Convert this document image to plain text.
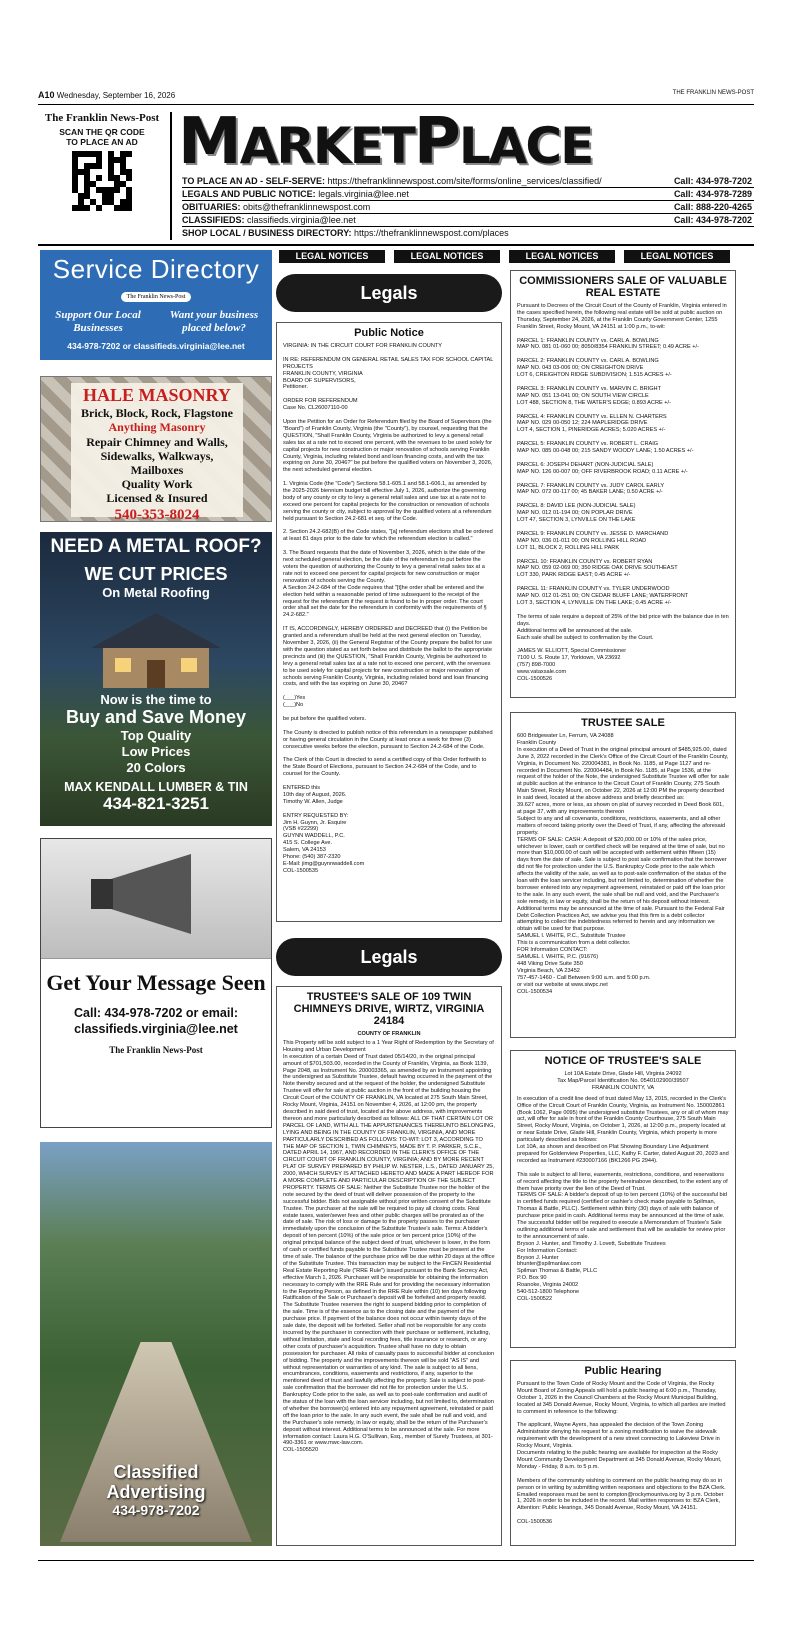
A10 Wednesday, September 16, 2026	THE FRANKLIN NEWS-POST
The Franklin News-Post
SCAN THE QR CODE
TO PLACE AN AD MARKETPLACE
TO PLACE AN AD - SELF-SERVE: https://thefranklinnewspost.com/site/forms/online_services/classified/	Call: 434-978-7202
LEGALS AND PUBLIC NOTICE: legals.virginia@lee.net	Call: 434-978-7289
OBITUARIES: obits@thefranklinnewspost.com	Call: 888-220-4265
CLASSIFIEDS: classifieds.virginia@lee.net	Call: 434-978-7202
SHOP LOCAL / BUSINESS DIRECTORY: https://thefranklinnewspost.com/places
Service Directory
The Franklin News-Post
Support Our Local Businesses
Want your business placed below?
434-978-7202 or classifieds.virginia@lee.net
HALE MASONRY
Brick, Block, Rock, Flagstone
Anything Masonry
Repair Chimney and Walls,
Sidewalks, Walkways,
Mailboxes
Quality Work
Licensed & Insured
540-353-8024
NEED A METAL ROOF?
WE CUT PRICES
On Metal Roofing
Now is the time to
Buy and Save Money
Top Quality
Low Prices
20 Colors
MAX KENDALL LUMBER & TIN
434-821-3251
Get Your Message Seen
Call: 434-978-7202 or email:
classifieds.virginia@lee.net
The Franklin News-Post
Classified
Advertising
434-978-7202
LEGAL NOTICES	LEGAL NOTICES	LEGAL NOTICES	LEGAL NOTICES
Legals
Public Notice

VIRGINIA: IN THE CIRCUIT COURT FOR FRANKLIN COUNTY

IN RE: REFERENDUM ON GENERAL RETAIL SALES TAX FOR SCHOOL CAPITAL PROJECTS
FRANKLIN COUNTY, VIRGINIA
BOARD OF SUPERVISORS,
Petitioner.

ORDER FOR REFERENDUM
Case No. CL26007110-00

Upon the Petition for an Order for Referendum filed by the Board of Supervisors (the "Board") of Franklin County, Virginia (the "County"), by counsel, requesting that the QUESTION, "Shall Franklin County, Virginia be authorized to levy a general retail sales tax at a rate not to exceed one percent, with the revenues to be used solely for capital projects for new construction or major renovation of schools serving Franklin County, Virginia, including related bond and loan financing costs, and with the tax expiring on June 30, 2046?" be put before the qualified voters on November 3, 2026, the next scheduled general election.

1. Virginia Code (the "Code") Sections 58.1-605.1 and 58.1-606.1, as amended by the 2025-2026 biennium budget bill effective July 1, 2026, authorize the governing body of any county or city to levy a general retail sales and use tax at a rate not to exceed one percent for capital projects for the construction or renovation of schools serving the county or city, subject to approval by the qualified voters at a referendum held pursuant to Section 24.2-681 et seq. of the Code.

2. Section 24.2-682(B) of the Code states, "[a] referendum elections shall be ordered at least 81 days prior to the date for which the referendum election is called."

3. The Board requests that the date of November 3, 2026, which is the date of the next scheduled general election, be the date of the referendum to put before the voters the question of authorizing the County to levy a general retail sales tax at a rate not to exceed one percent for capital projects for new construction or major renovation of schools serving the County.
A Section 24.2-684 of the Code requires that "[t]he order shall be entered and the election held within a reasonable period of time subsequent to the receipt of the request for the referendum if the request is found to be in proper order. The court order shall set the date for the referendum in conformity with the requirements of § 24.2-682."

IT IS, ACCORDINGLY, HEREBY ORDERED and DECREED that (i) the Petition be granted and a referendum shall be held at the next general election on Tuesday, November 3, 2026, (ii) the General Registrar of the County prepare the ballot for use with the question stated as set forth below and distribute the ballot to the appropriate precincts and (iii) the QUESTION, "Shall Franklin County, Virginia be authorized to levy a general retail sales tax at a rate not to exceed one percent, with the revenues to be used solely for capital projects for new construction or major renovation of schools serving Franklin County, Virginia, including related bond and loan financing costs, and with the tax expiring on June 30, 2046?

(___)Yes
(___)No

be put before the qualified voters.

The County is directed to publish notice of this referendum in a newspaper published or having general circulation in the County at least once a week for three (3) consecutive weeks before the election, pursuant to Section 24.2-684 of the Code.

The Clerk of this Court is directed to send a certified copy of this Order forthwith to the State Board of Elections, pursuant to Section 24.2-684 of the Code, and to counsel for the County.

ENTERED this
10th day of August, 2026.
Timothy W. Allen, Judge

ENTRY REQUESTED BY:
Jim H. Guynn, Jr. Esquire
(VSB #22299)
GUYNN WADDELL, P.C.
415 S. College Ave.
Salem, VA 24153
Phone: (540) 387-2320
E-Mail: jimg@guynnwaddell.com
COL-1500535

Legals
TRUSTEE'S SALE OF 109 TWIN CHIMNEYS DRIVE, WIRTZ, VIRGINIA 24184

COUNTY OF FRANKLIN

This Property will be sold subject to a 1 Year Right of Redemption by the Secretary of Housing and Urban Development
In execution of a certain Deed of Trust dated 05/14/20, in the original principal amount of $701,503.00, recorded in the County of Franklin, Virginia, as Book 1139, Page 2048, as Instrument No. 200003365, as amended by an Instrument appointing the undersigned as Substitute Trustee, default having occurred in the payment of the Note thereby secured and at the request of the holder, the undersigned Substitute Trustee will offer for sale at public auction in the front of the building housing the Circuit Court of the COUNTY OF FRANKLIN, VA located at 275 South Main Street, Rocky Mount, Virginia, 24151 on November 4, 2026, at 12:00 pm, the property described in said deed of trust, located at the above address, with improvements thereon and more particularly described as follows: ALL OF THAT CERTAIN LOT OR PARCEL OF LAND, WITH ALL THE APPURTENANCES THEREUNTO BELONGING, LYING AND BEING IN THE COUNTY OF FRANKLIN, VIRGINIA, AND MORE PARTICULARLY DESCRIBED AS FOLLOWS: TO-WIT: LOT 3, ACCORDING TO THE MAP OF SECTION 1, TWIN CHIMNEYS, MADE BY T. P. PARKER, S.C.E., DATED APRIL 14, 1967, AND RECORDED IN THE CLERK'S OFFICE OF THE CIRCUIT COURT OF FRANKLIN COUNTY, VIRGINIA; AND BY MORE RECENT PLAT OF SURVEY PREPARED BY PHILIP W. NESTER, L.S., DATED JANUARY 25, 2000, WHICH SURVEY IS ATTACHED HERETO AND MADE A PART HEREOF FOR A MORE COMPLETE AND PARTICULAR DESCRIPTION OF THE SUBJECT PROPERTY. TERMS OF SALE: Neither the Substitute Trustee nor the holder of the note secured by the deed of trust will deliver possession of the property to the successful bidder. Bids not assignable without prior written consent of the Substitute Trustee. The purchaser at the sale will be required to pay all closing costs. Real estate taxes, water/sewer fees and other public charges will be prorated as of the date of sale. The risk of loss or damage to the property passes to the purchaser immediately upon the conclusion of the Substitute Trustee's sale. Terms: A bidder's deposit of ten percent (10%) of the sale price or ten percent price (10%) of the original principal balance of the subject deed of trust, whichever is lower, in the form of cash or certified funds payable to the Substitute Trustee must be present at the time of sale. The balance of the purchase price will be due within 20 days at the office of the Substitute Trustee. This transaction may be subject to the FinCEN Residential Real Estate Reporting Rule ("RRE Rule") issued pursuant to the Bank Secrecy Act, effective March 1, 2026. Purchaser will be responsible for obtaining the information necessary to comply with the RRE Rule and for providing the necessary information to the Reporting Person, as defined in the RRE Rule within (10) ten days following Ratification of the Sale or Purchaser's deposit will be forfeited and property resold. The Substitute Trustee reserves the right to suspend bidding prior to completion of the sale. Time is of the essence as to the closing date and the payment of the purchase price. If payment of the balance does not occur within twenty days of the sale date, the deposit will be forfeited. Seller shall not be responsible for any costs incurred by the purchaser in connection with their purchase or settlement, including, without limitation, state and local recording fees, title insurance or research, or any other costs of purchaser's acquisition. Trustee shall have no duty to obtain possession for purchaser. All risks of casualty pass to successful bidder at conclusion of bidding. The property and the improvements thereon will be sold "AS IS" and without representation or warranties of any kind. The sale is subject to all liens, encumbrances, conditions, easements and restrictions, if any, superior to the mentioned deed of trust and lawfully affecting the property. Sale is subject to post-sale confirmation that the borrower did not file for protection under the U.S. Bankruptcy Code prior to the sale, as well as to post-sale confirmation and audit of the status of the loan with the loan servicer including, but not limited to, determination of whether the borrower(s) entered into any repayment agreement, reinstated or paid off the loan prior to the sale. In any such event, the sale shall be null and void, and the Purchaser's sole remedy, in law or equity, shall be the return of the Purchaser's deposit without interest. Additional terms to be announced at the sale. For more information contact: Laura H.G. O'Sullivan, Esq., member of Surety Trustees, at 301-490-3361 or www.mwc-law.com.
COL-1505520

COMMISSIONERS SALE OF VALUABLE REAL ESTATE

Pursuant to Decrees of the Circuit Court of the County of Franklin, Virginia entered in the cases specified herein, the following real estate will be sold at public auction on Thursday, September 24, 2026, at the Franklin County Government Center, 1255 Franklin Street, Rocky Mount, VA 24151 at 1:00 p.m., to-wit:

PARCEL 1: FRANKLIN COUNTY vs. CARL A. BOWLING
MAP NO. 081 01-060 00; 8050/8354 FRANKLIN STREET; 0.49 ACRE +/-

PARCEL 2: FRANKLIN COUNTY vs. CARL A. BOWLING
MAP NO. 043 03-006 00; ON CREIGHTON DRIVE
LOT 6, CREIGHTON RIDGE SUBDIVISION; 1.515 ACRES +/-

PARCEL 3: FRANKLIN COUNTY vs. MARVIN C. BRIGHT
MAP NO. 051 13-041 00; ON SOUTH VIEW CIRCLE
LOT 488, SECTION 8, THE WATER'S EDGE; 0.893 ACRE +/-

PARCEL 4: FRANKLIN COUNTY vs. ELLEN N. CHARTERS
MAP NO. 029 00-050 12; 224 MAPLERIDGE DRIVE
LOT 4, SECTION 1, PINERIDGE ACRES; 5.020 ACRES +/-

PARCEL 5: FRANKLIN COUNTY vs. ROBERT L. CRAIG
MAP NO. 085 00-048 00; 215 SANDY WOODY LANE; 1.50 ACRES +/-

PARCEL 6: JOSEPH DEHART (NON-JUDICIAL SALE)
MAP NO. 126 00-007 00; OFF RIVERBROOK ROAD; 0.11 ACRE +/-

PARCEL 7: FRANKLIN COUNTY vs. JUDY CAROL EARLY
MAP NO. 072 00-117 00; 45 BAKER LANE; 0.50 ACRE +/-

PARCEL 8: DAVID LEE (NON-JUDICIAL SALE)
MAP NO. 012 01-194 00; ON POPLAR DRIVE
LOT 47, SECTION 3, LYNVILLE ON THE LAKE

PARCEL 9: FRANKLIN COUNTY vs. JESSE D. MARCHAND
MAP NO. 036 01-011 00; ON ROLLING HILL ROAD
LOT 11, BLOCK 2, ROLLING HILL PARK

PARCEL 10: FRANKLIN COUNTY vs. ROBERT RYAN
MAP NO. 059 02-069 00; 350 RIDGE OAK DRIVE SOUTHEAST
LOT 330, PARK RIDGE EAST; 0.45 ACRE +/-

PARCEL 11: FRANKLIN COUNTY vs. TYLER UNDERWOOD
MAP NO. 012 01-251 00; ON CEDAR BLUFF LANE; WATERFRONT
LOT 3, SECTION 4, LYNVILLE ON THE LAKE; 0.45 ACRE +/-

The terms of sale require a deposit of 25% of the bid price with the balance due in ten days.
Additional terms will be announced at the sale.
Each sale shall be subject to confirmation by the Court.

JAMES W. ELLIOTT, Special Commissioner
7100 U. S. Route 17, Yorktown, VA 23692
(757) 898-7000
www.vataxsale.com
COL-1500526

TRUSTEE SALE

600 Bridgewater Ln, Ferrum, VA 24088
Franklin County
In execution of a Deed of Trust in the original principal amount of $485,925.00, dated June 3, 2022 recorded in the Clerk's Office of the Circuit Court of the Franklin County, Virginia, in Document No. 220004381, in Book No. 1185, at Page 1127 and re-recorded in Document No. 220004484, in Book No. 1185, at Page 1536, at the request of the holder of the Note, the undersigned Substitute Trustee will offer for sale at public auction at the entrance to the Circuit Court of Franklin County, 275 South Main Street, Rocky Mount, on October 22, 2026 at 12:00 PM the property described in said deed, located at the above address and briefly described as:
39.627 acres, more or less, as shown on plat of survey recorded in Deed Book 601, at page 37, with any improvements thereon
Subject to any and all covenants, conditions, restrictions, easements, and all other matters of record taking priority over the Deed of Trust, if any, affecting the aforesaid property.
TERMS OF SALE: CASH: A deposit of $20,000.00 or 10% of the sales price, whichever is lower, cash or certified check will be required at the time of sale, but no more than $10,000.00 of cash will be accepted with settlement within fifteen (15) days from the date of sale. Sale is subject to post sale confirmation that the borrower did not file for protection under the U.S. Bankruptcy Code prior to the sale which affects the validity of the sale, as well as to post-sale confirmation of the status of the loan with the loan servicer including, but not limited to, determination of whether the borrower entered into any repayment agreement, reinstated or paid off the loan prior to the sale. In any such event, the sale shall be null and void, and the Purchaser's sole remedy, in law or equity, shall be the return of his deposit without interest. Additional terms may be announced at the time of sale. Pursuant to the Federal Fair Debt Collection Practices Act, we advise you that this firm is a debt collector attempting to collect the indebtedness referred to herein and any information we obtain will be used for that purpose.
SAMUEL I. WHITE, P.C., Substitute Trustee
This is a communication from a debt collector.
FOR Information CONTACT:
SAMUEL I. WHITE, P.C. (91676)
448 Viking Drive Suite 350
Virginia Beach, VA 23452
757-457-1460 - Call Between 9:00 a.m. and 5:00 p.m.
or visit our website at www.siwpc.net
COL-1500534

NOTICE OF TRUSTEE'S SALE

Lot 10A Estate Drive, Glade Hill, Virginia 24092
Tax Map/Parcel Identification No. 0540102900/39507
FRANKLIN COUNTY, VA

In execution of a credit line deed of trust dated May 13, 2015, recorded in the Clerk's Office of the Circuit Court of Franklin County, Virginia, as Instrument No. 150002861 (Book 1062, Page 0095) the undersigned substitute Trustees, any or all of whom may act, will offer for sale in front of the Franklin County Courthouse, 275 South Main Street, Rocky Mount, Virginia, on October 1, 2026, at 12:00 p.m., property located at or near Estate Drive, Glade Hill, Franklin County, Virginia, which property is more particularly described as follows:
Lot 10A, as shown and described on Plat Showing Boundary Line Adjustment prepared for Goldenview Properties, LLC, Kathy F. Carter, dated August 20, 2023 and recorded as Instrument #230007166 (BK1266 PG 2944).

This sale is subject to all liens, easements, restrictions, conditions, and reservations of record affecting the title to the property hereinabove described, to the extent any of them have priority over the lien of the Deed of Trust.
TERMS OF SALE: A bidder's deposit of up to ten percent (10%) of the successful bid in certified funds required (certified or cashier's check made payable to Spilman, Thomas & Battle, PLLC). Settlement within thirty (30) days of sale with balance of purchase price paid in cash. Additional terms may be announced at the time of sale. The successful bidder will be required to execute a Memorandum of Trustee's Sale outlining additional terms of sale and settlement that will be available for review prior to the announcement of sale.
Bryson J. Hunter, and Timothy J. Lovett, Substitute Trustees
For Information Contact:
Bryson J. Hunter
bhunter@spilmanlaw.com
Spilman Thomas & Battle, PLLC
P.O. Box 90
Roanoke, Virginia 24002
540-512-1800 Telephone
COL-1500522

Public Hearing

Pursuant to the Town Code of Rocky Mount and the Code of Virginia, the Rocky Mount Board of Zoning Appeals will hold a public hearing at 6:00 p.m., Thursday, October 1, 2026 in the Council Chambers at the Rocky Mount Municipal Building, located at 345 Donald Avenue, Rocky Mount, Virginia, to which all parties are invited to comment in reference to the following:

The applicant, Wayne Ayers, has appealed the decision of the Town Zoning Administrator denying his request for a zoning modification to waive the sidewalk requirement with the development of a new street connecting to Lakeview Drive in Rocky Mount, Virginia.
Documents relating to the public hearing are available for inspection at the Rocky Mount Community Development Department at 345 Donald Avenue, Rocky Mount, Monday - Friday, 8 a.m. to 5 p.m.

Members of the community wishing to comment on the public hearing may do so in person or in writing by submitting written responses and objections to the BZA Clerk. Emailed responses must be sent to compton@rockymountva.org by 3 p.m. October 1, 2026 in order to be included in the record. Mail written responses to: BZA Clerk, Attention: Public Hearings, 345 Donald Avenue, Rocky Mount, VA 24151.

COL-1500536
